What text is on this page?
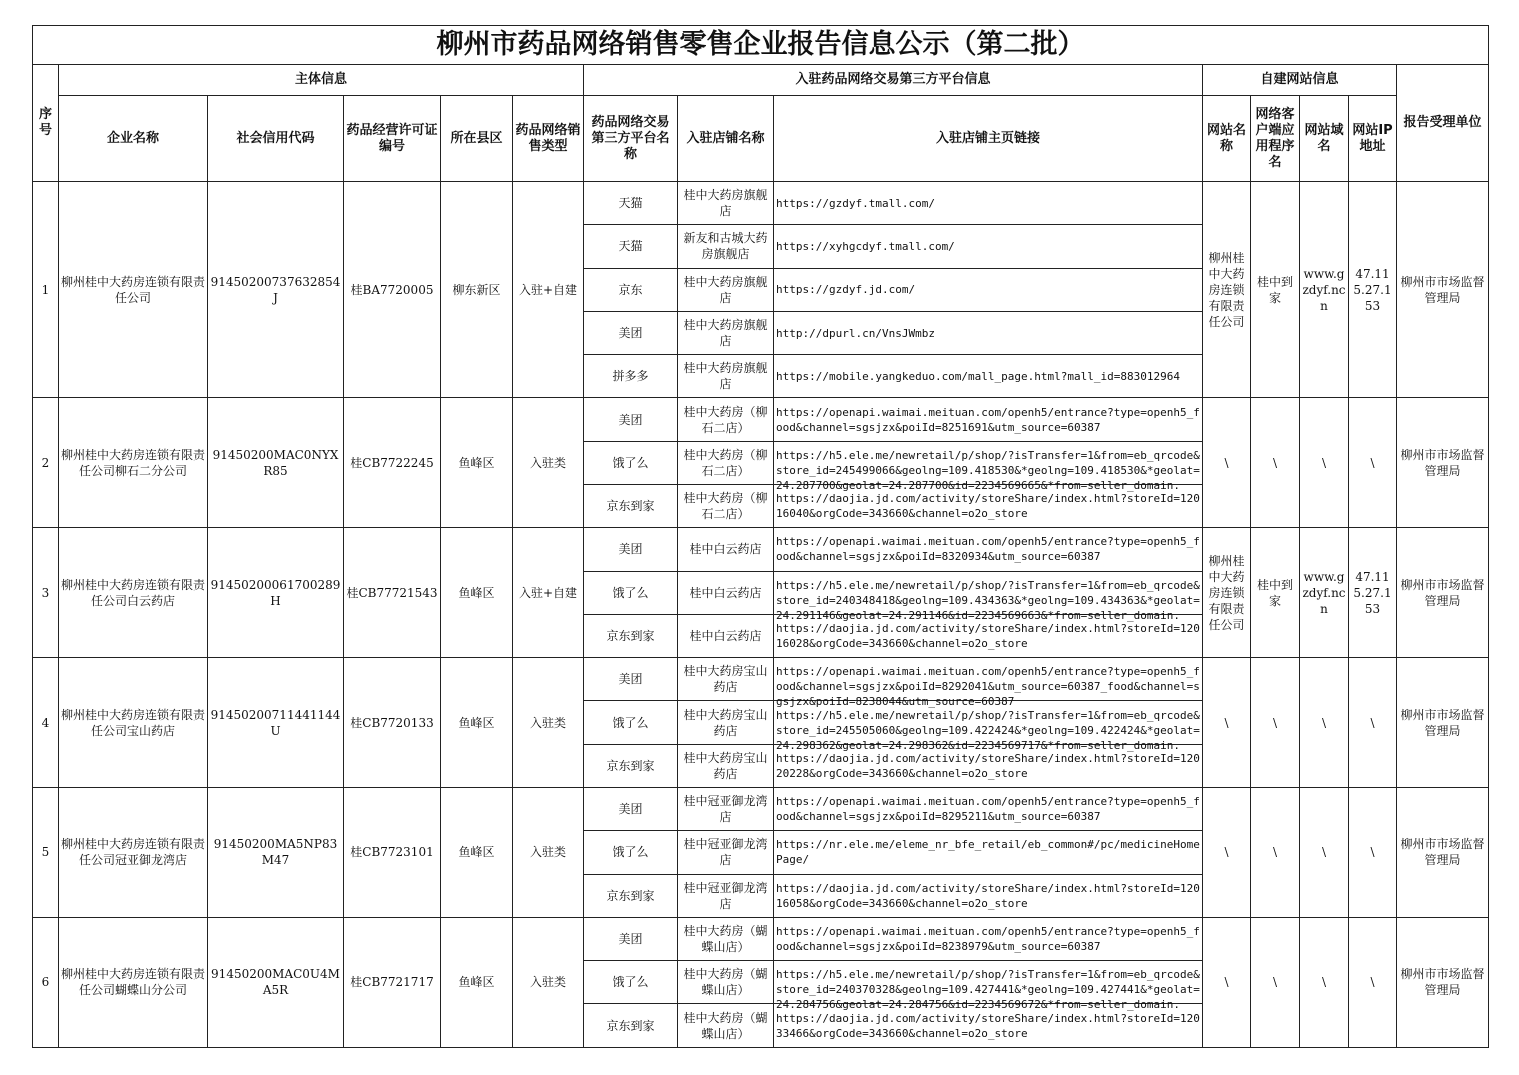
柳州市药品网络销售零售企业报告信息公示（第二批）													
序号	主体信息					入驻药品网络交易第三方平台信息			自建网站信息				报告受理单位
	企业名称	社会信用代码	药品经营许可证编号	所在县区	药品网络销售类型	药品网络交易第三方平台名称	入驻店铺名称	入驻店铺主页链接	网站名称	网络客户端应用程序名	网站域名	网站IP地址	
1	柳州桂中大药房连锁有限责任公司	91450200737632854J	桂BA7720005	柳东新区	入驻+自建	天猫	桂中大药房旗舰店	https://gzdyf.tmall.com/	柳州桂中大药房连锁有限责任公司	桂中到家	www.gzdyf.ncn	47.115.27.153	柳州市市场监督管理局
						天猫	新友和古城大药房旗舰店	https://xyhgcdyf.tmall.com/					

						京东	桂中大药房旗舰店	https://gzdyf.jd.com/					

						美团	桂中大药房旗舰店	http://dpurl.cn/VnsJWmbz					

						拼多多	桂中大药房旗舰店	https://mobile.yangkeduo.com/mall_page.html?mall_id=883012964					

2	柳州桂中大药房连锁有限责任公司柳石二分公司	91450200MAC0NYXR85	桂CB7722245	鱼峰区	入驻类	美团	桂中大药房（柳石二店）	https://openapi.waimai.meituan.com/openh5/entrance?type=openh5_food&channel=sgsjzx&poiId=8251691&utm_source=60387	\	\	\	\	柳州市市场监督管理局
						饿了么	桂中大药房（柳石二店）	https://h5.ele.me/newretail/p/shop/?isTransfer=1&from=eb_qrcode&store_id=245499066&geolng=109.418530&*geolng=109.418530&*geolat=24.287700&geolat=24.287700&id=2234569665&*from=seller_domain.					

						京东到家	桂中大药房（柳石二店）	https://daojia.jd.com/activity/storeShare/index.html?storeId=12016040&orgCode=343660&channel=o2o_store					

3	柳州桂中大药房连锁有限责任公司白云药店	91450200061700289H	桂CB77721543	鱼峰区	入驻+自建	美团	桂中白云药店	https://openapi.waimai.meituan.com/openh5/entrance?type=openh5_food&channel=sgsjzx&poiId=8320934&utm_source=60387	柳州桂中大药房连锁有限责任公司	桂中到家	www.gzdyf.ncn	47.115.27.153	柳州市市场监督管理局
						饿了么	桂中白云药店	https://h5.ele.me/newretail/p/shop/?isTransfer=1&from=eb_qrcode&store_id=240348418&geolng=109.434363&*geolng=109.434363&*geolat=24.291146&geolat=24.291146&id=2234569663&*from=seller_domain.					

						京东到家	桂中白云药店	https://daojia.jd.com/activity/storeShare/index.html?storeId=12016028&orgCode=343660&channel=o2o_store					

4	柳州桂中大药房连锁有限责任公司宝山药店	91450200711441144U	桂CB7720133	鱼峰区	入驻类	美团	桂中大药房宝山药店	https://openapi.waimai.meituan.com/openh5/entrance?type=openh5_food&channel=sgsjzx&poiId=8292041&utm_source=60387_food&channel=sgsjzx&poiId=8238044&utm_source=60387	\	\	\	\	柳州市市场监督管理局
						饿了么	桂中大药房宝山药店	https://h5.ele.me/newretail/p/shop/?isTransfer=1&from=eb_qrcode&store_id=245505060&geolng=109.422424&*geolng=109.422424&*geolat=24.298362&geolat=24.298362&id=2234569717&*from=seller_domain.					

						京东到家	桂中大药房宝山药店	https://daojia.jd.com/activity/storeShare/index.html?storeId=12020228&orgCode=343660&channel=o2o_store					

5	柳州桂中大药房连锁有限责任公司冠亚御龙湾店	91450200MA5NP83M47	桂CB7723101	鱼峰区	入驻类	美团	桂中冠亚御龙湾店	https://openapi.waimai.meituan.com/openh5/entrance?type=openh5_food&channel=sgsjzx&poiId=8295211&utm_source=60387	\	\	\	\	柳州市市场监督管理局
						饿了么	桂中冠亚御龙湾店	https://nr.ele.me/eleme_nr_bfe_retail/eb_common#/pc/medicineHomePage/					

						京东到家	桂中冠亚御龙湾店	https://daojia.jd.com/activity/storeShare/index.html?storeId=12016058&orgCode=343660&channel=o2o_store					

6	柳州桂中大药房连锁有限责任公司蝴蝶山分公司	91450200MAC0U4MA5R	桂CB7721717	鱼峰区	入驻类	美团	桂中大药房（蝴蝶山店）	https://openapi.waimai.meituan.com/openh5/entrance?type=openh5_food&channel=sgsjzx&poiId=8238979&utm_source=60387	\	\	\	\	柳州市市场监督管理局
						饿了么	桂中大药房（蝴蝶山店）	https://h5.ele.me/newretail/p/shop/?isTransfer=1&from=eb_qrcode&store_id=240370328&geolng=109.427441&*geolng=109.427441&*geolat=24.284756&geolat=24.284756&id=2234569672&*from=seller_domain.					

						京东到家	桂中大药房（蝴蝶山店）	https://daojia.jd.com/activity/storeShare/index.html?storeId=12033466&orgCode=343660&channel=o2o_store					
